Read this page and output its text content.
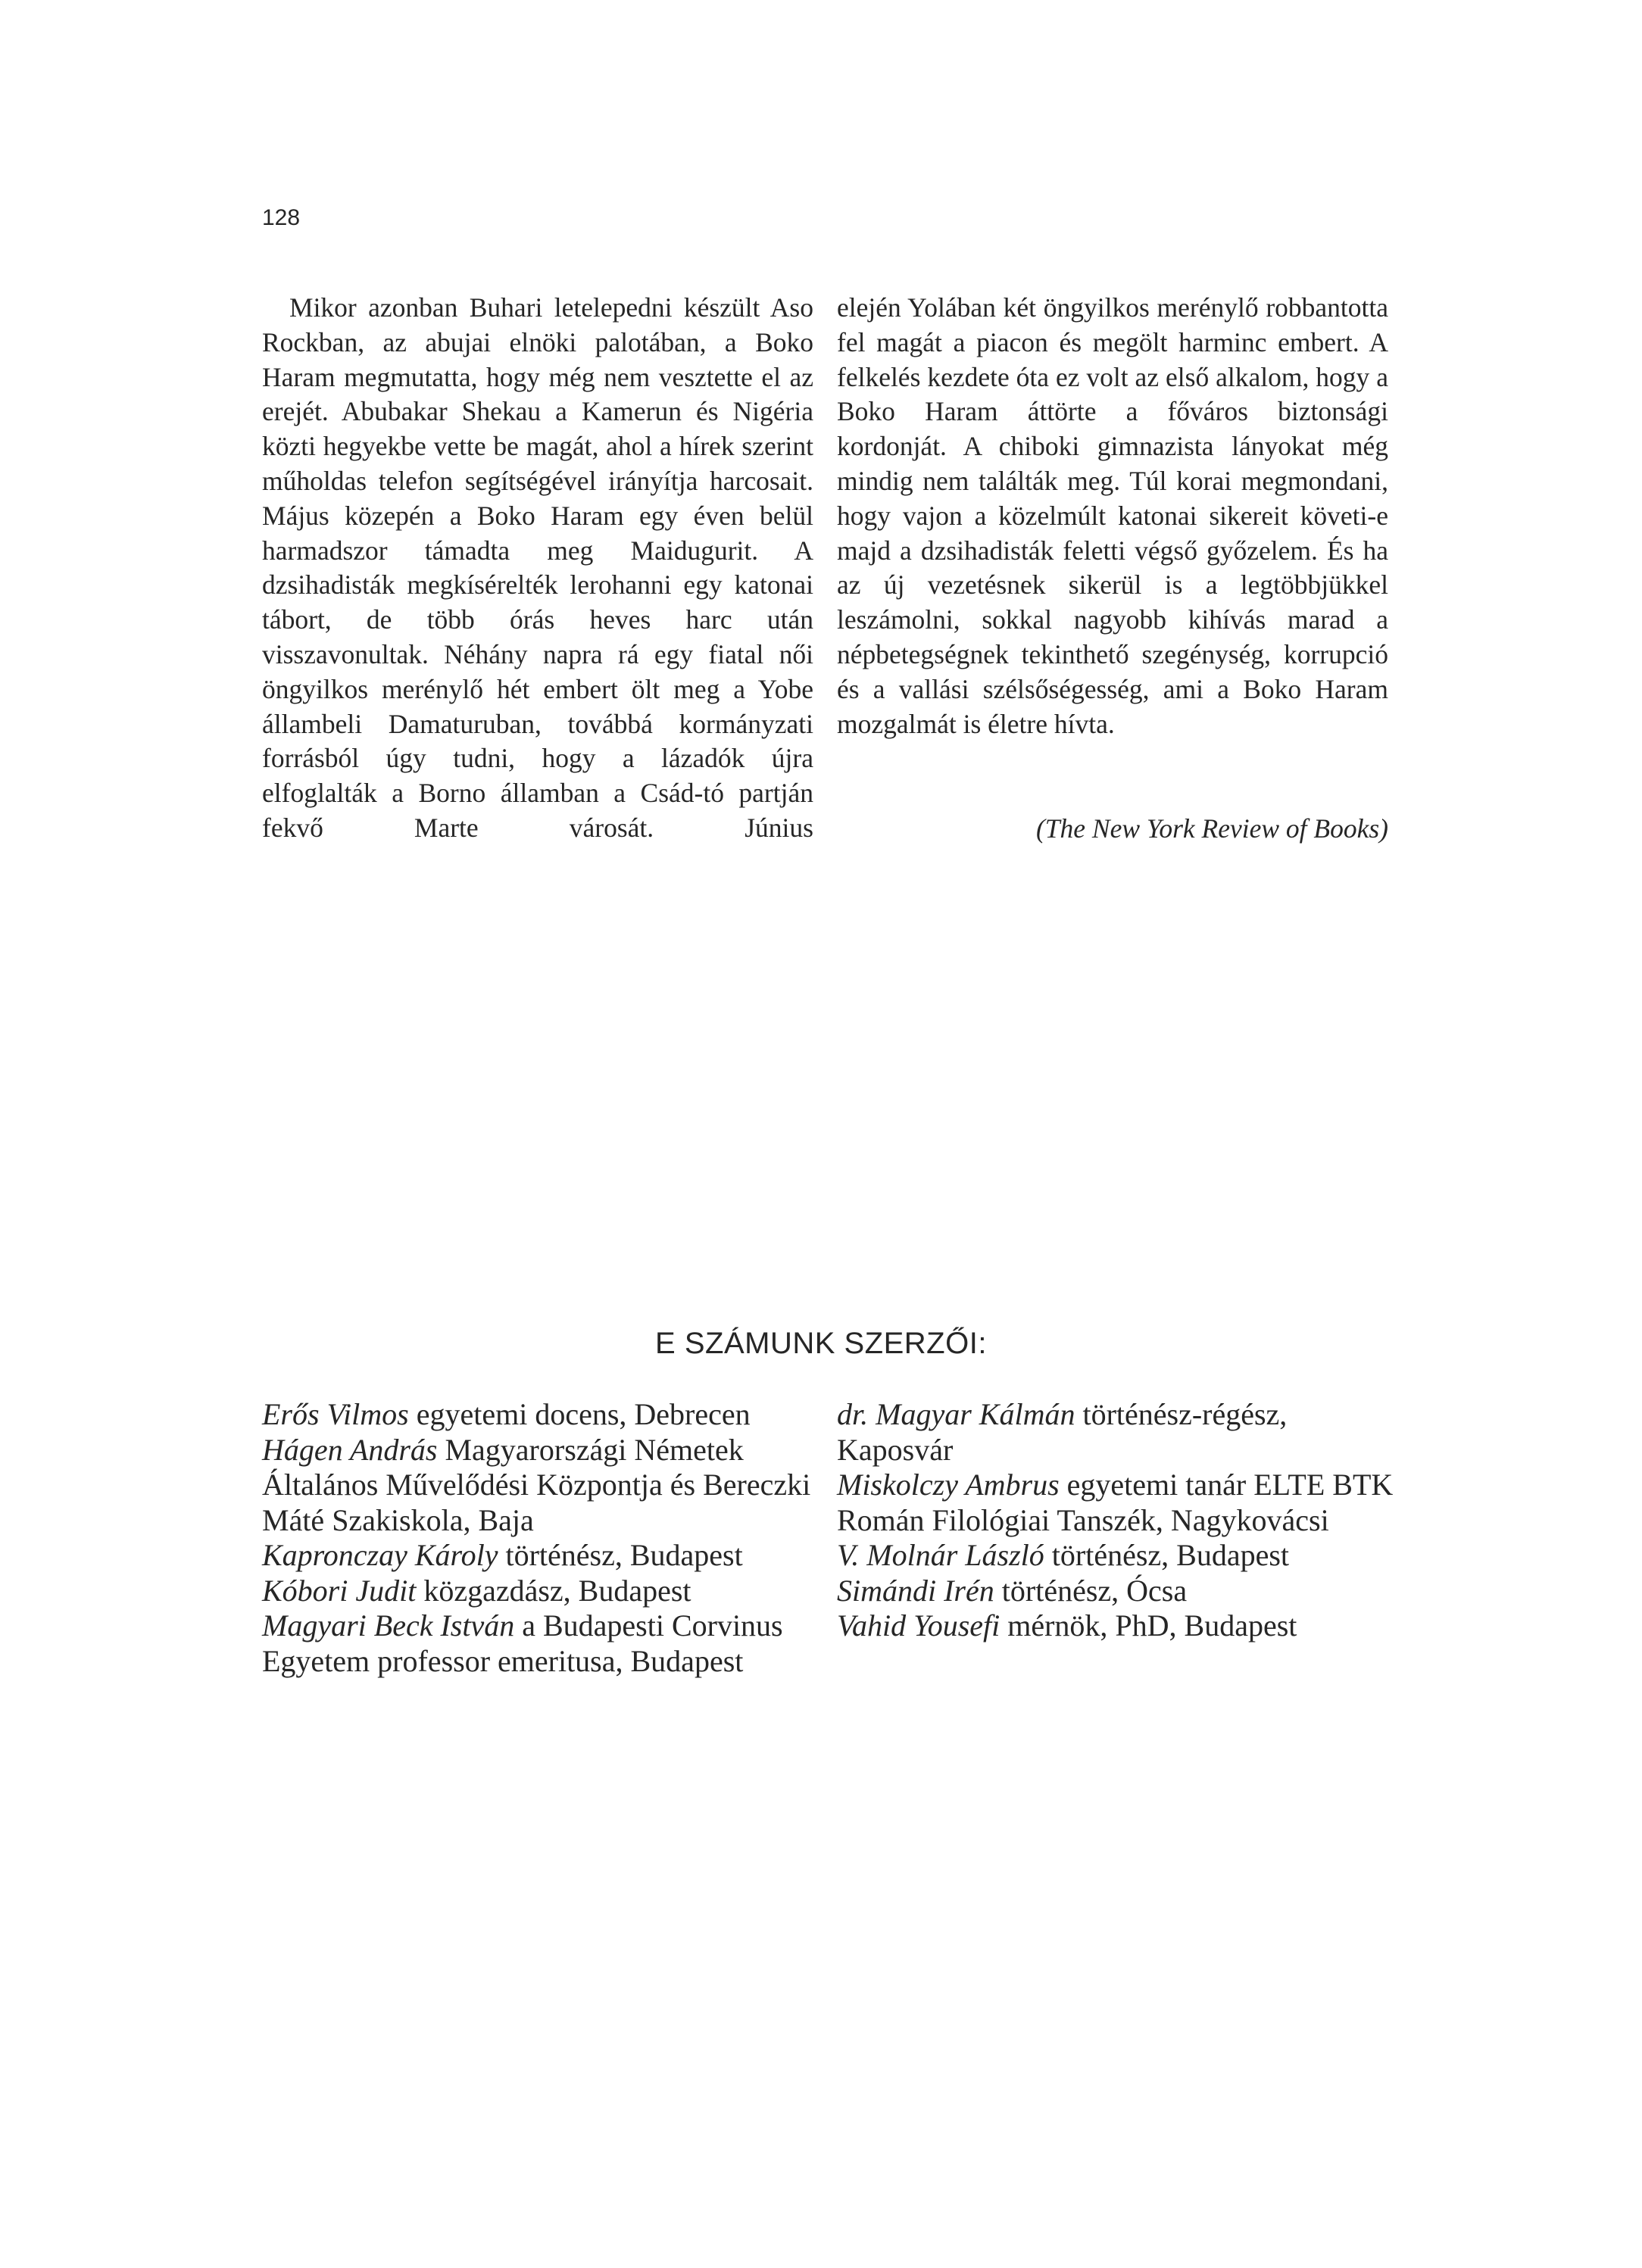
128

Mikor azonban Buhari letelepedni készült Aso Rockban, az abujai elnöki palotában, a Boko Haram megmutatta, hogy még nem vesztette el az erejét. Abubakar Shekau a Kamerun és Nigéria közti hegyekbe vette be magát, ahol a hírek szerint műholdas telefon segítségével irányítja harcosait. Május közepén a Boko Haram egy éven belül harmadszor támadta meg Maidugurit. A dzsihadisták megkísérelték lerohanni egy katonai tábort, de több órás heves harc után visszavonultak. Néhány napra rá egy fiatal női öngyilkos merénylő hét embert ölt meg a Yobe állambeli Damaturuban, továbbá kormányzati forrásból úgy tudni, hogy a lázadók újra elfoglalták a Borno államban a Csád-tó partján fekvő Marte városát. Június

elején Yolában két öngyilkos merénylő robbantotta fel magát a piacon és megölt harminc embert. A felkelés kezdete óta ez volt az első alkalom, hogy a Boko Haram áttörte a főváros biztonsági kordonját. A chiboki gimnazista lányokat még mindig nem találták meg. Túl korai megmondani, hogy vajon a közelmúlt katonai sikereit követi-e majd a dzsihadisták feletti végső győzelem. És ha az új vezetésnek sikerül is a legtöbbjükkel leszámolni, sokkal nagyobb kihívás marad a népbetegségnek tekinthető szegénység, korrupció és a vallási szélsőségesség, ami a Boko Haram mozgalmát is életre hívta.

(The New York Review of Books)
E SZÁMUNK SZERZŐI:
Erős Vilmos egyetemi docens, Debrecen
Hágen András Magyarországi Németek Általános Művelődési Központja és Bereczki Máté Szakiskola, Baja
Kapronczay Károly történész, Budapest
Kóbori Judit közgazdász, Budapest
Magyari Beck István a Budapesti Corvinus Egyetem professor emeritusa, Budapest
dr. Magyar Kálmán történész-régész, Kaposvár
Miskolczy Ambrus egyetemi tanár ELTE BTK Román Filológiai Tanszék, Nagykovácsi
V. Molnár László történész, Budapest
Simándi Irén történész, Ócsa
Vahid Yousefi mérnök, PhD, Budapest
